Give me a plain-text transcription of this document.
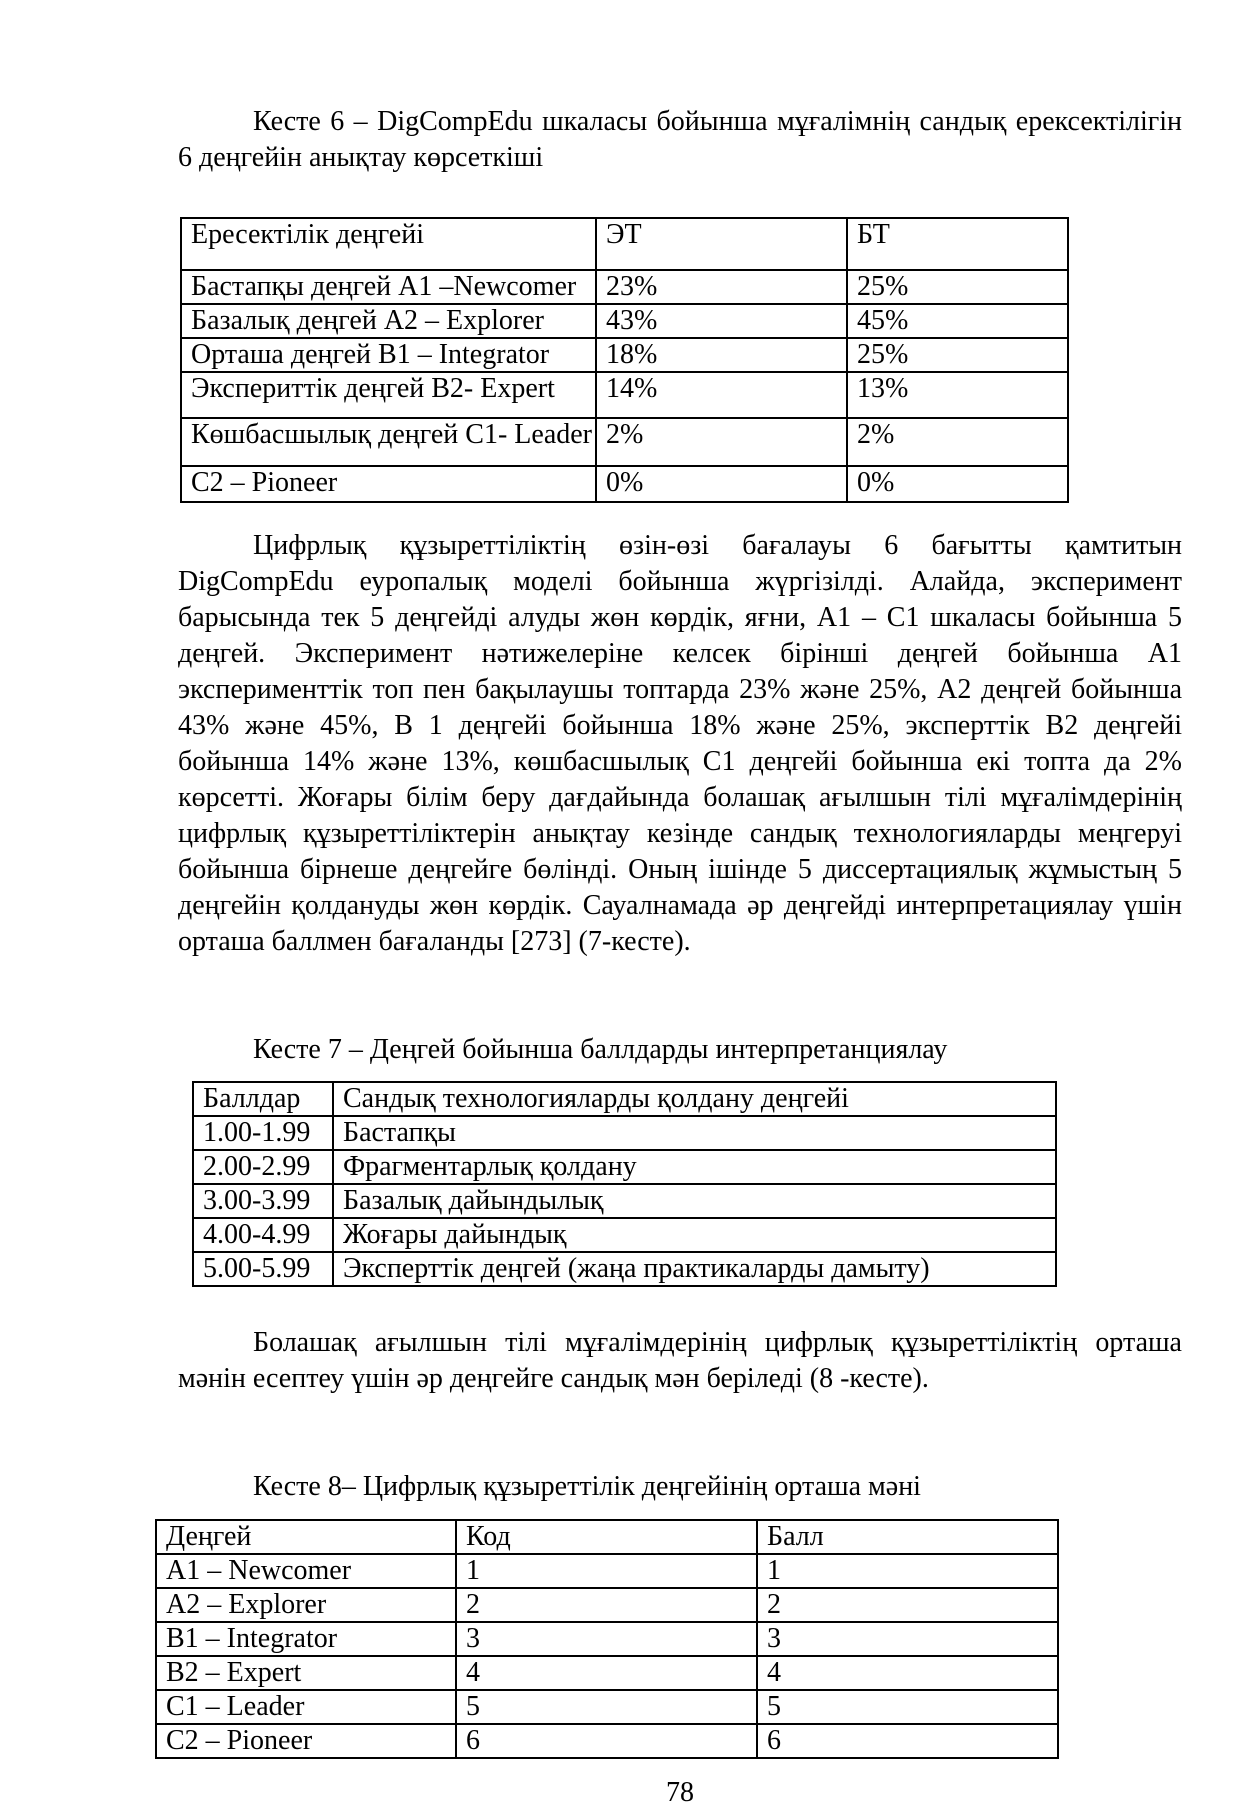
Кесте 6 – DigCompEdu шкаласы бойынша мұғалімнің сандық ерексектілігін 6 деңгейін анықтау көрсеткіші

Ересектілік деңгейі	ЭТ	БТ
Бастапқы деңгей А1 –Newcomer	23%	25%
Базалық деңгей А2 – Explorer	43%	45%
Орташа деңгей В1 – Integrator	18%	25%
Экспериттік деңгей В2- Expert	14%	13%
Көшбасшылық деңгей С1- Leader	2%	2%
С2 – Pioneer	0%	0%

Цифрлық құзыреттіліктің өзін-өзі бағалауы 6 бағытты қамтитын DigCompEdu еуропалық моделі бойынша жүргізілді. Алайда, эксперимент барысында тек 5 деңгейді алуды жөн көрдік, яғни, А1 – С1 шкаласы бойынша 5 деңгей. Эксперимент нәтижелеріне келсек бірінші деңгей бойынша А1 эксперименттік топ пен бақылаушы топтарда 23% және 25%, А2 деңгей бойынша 43% және 45%, В 1 деңгейі бойынша 18% және 25%, эксперттік В2 деңгейі бойынша 14% және 13%, көшбасшылық С1 деңгейі бойынша екі топта да 2% көрсетті. Жоғары білім беру дағдайында болашақ ағылшын тілі мұғалімдерінің цифрлық құзыреттіліктерін анықтау кезінде сандық технологияларды меңгеруі бойынша бірнеше деңгейге бөлінді. Оның ішінде 5 диссертациялық жұмыстың 5 деңгейін қолдануды жөн көрдік. Сауалнамада әр деңгейді интерпретациялау үшін орташа баллмен бағаланды [273] (7-кесте).

Кесте 7 – Деңгей бойынша баллдарды интерпретанциялау

Баллдар	Сандық технологияларды қолдану деңгейі
1.00-1.99	Бастапқы
2.00-2.99	Фрагментарлық қолдану
3.00-3.99	Базалық дайындылық
4.00-4.99	Жоғары дайындық
5.00-5.99	Эксперттік деңгей (жаңа практикаларды дамыту)

Болашақ ағылшын тілі мұғалімдерінің цифрлық құзыреттіліктің орташа мәнін есептеу үшін әр деңгейге сандық мән беріледі (8 -кесте).

Кесте 8– Цифрлық құзыреттілік деңгейінің орташа мәні

Деңгей	Код	Балл
A1 – Newcomer	1	1
A2 – Explorer	2	2
B1 – Integrator	3	3
B2 – Expert	4	4
C1 – Leader	5	5
C2 – Pioneer	6	6
78
